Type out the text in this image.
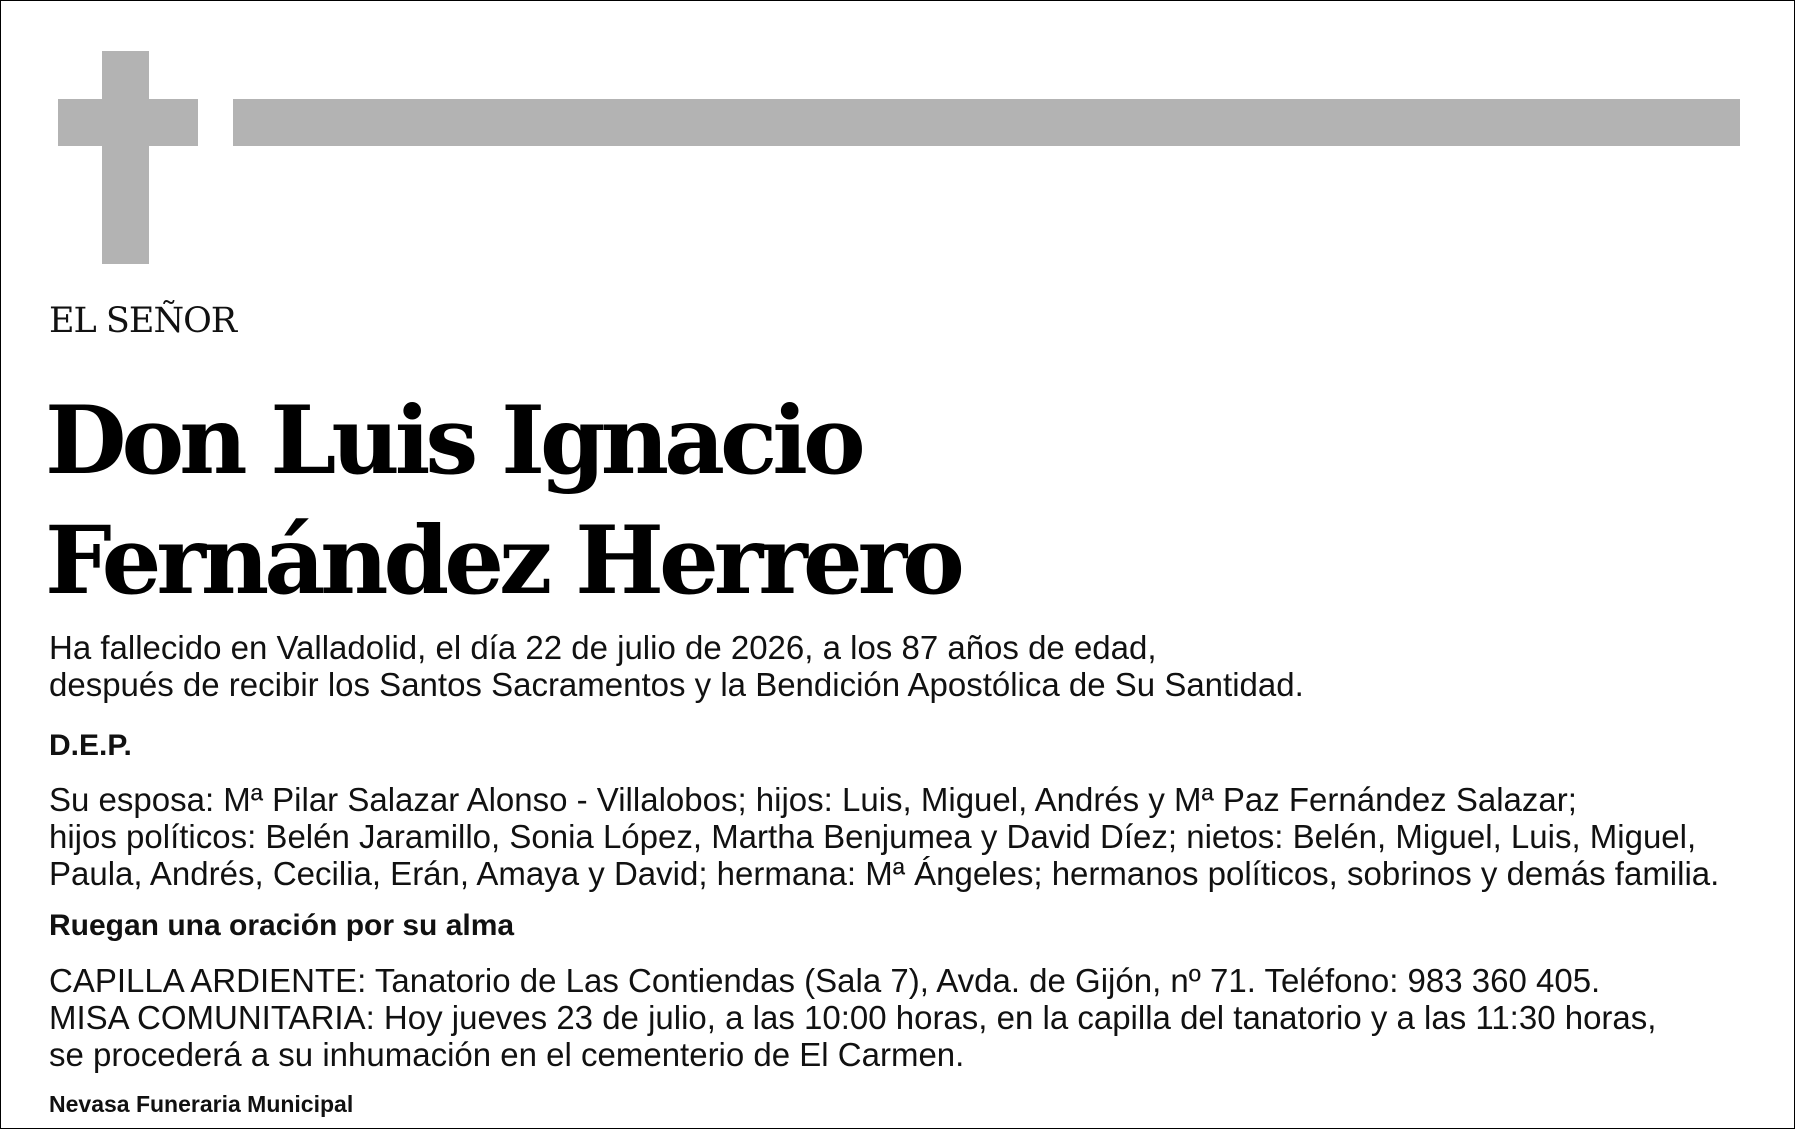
EL SEÑOR

Don Luis Ignacio
Fernández Herrero

Ha fallecido en Valladolid, el día 22 de julio de 2026, a los 87 años de edad,
después de recibir los Santos Sacramentos y la Bendición Apostólica de Su Santidad.

D.E.P.

Su esposa: Mª Pilar Salazar Alonso - Villalobos; hijos: Luis, Miguel, Andrés y Mª Paz Fernández Salazar;
hijos políticos: Belén Jaramillo, Sonia López, Martha Benjumea y David Díez; nietos: Belén, Miguel, Luis, Miguel,
Paula, Andrés, Cecilia, Erán, Amaya y David; hermana: Mª Ángeles; hermanos políticos, sobrinos y demás familia.

Ruegan una oración por su alma

CAPILLA ARDIENTE: Tanatorio de Las Contiendas (Sala 7), Avda. de Gijón, nº 71. Teléfono: 983 360 405.
MISA COMUNITARIA: Hoy jueves 23 de julio, a las 10:00 horas, en la capilla del tanatorio y a las 11:30 horas,
se procederá a su inhumación en el cementerio de El Carmen.

Nevasa Funeraria Municipal
